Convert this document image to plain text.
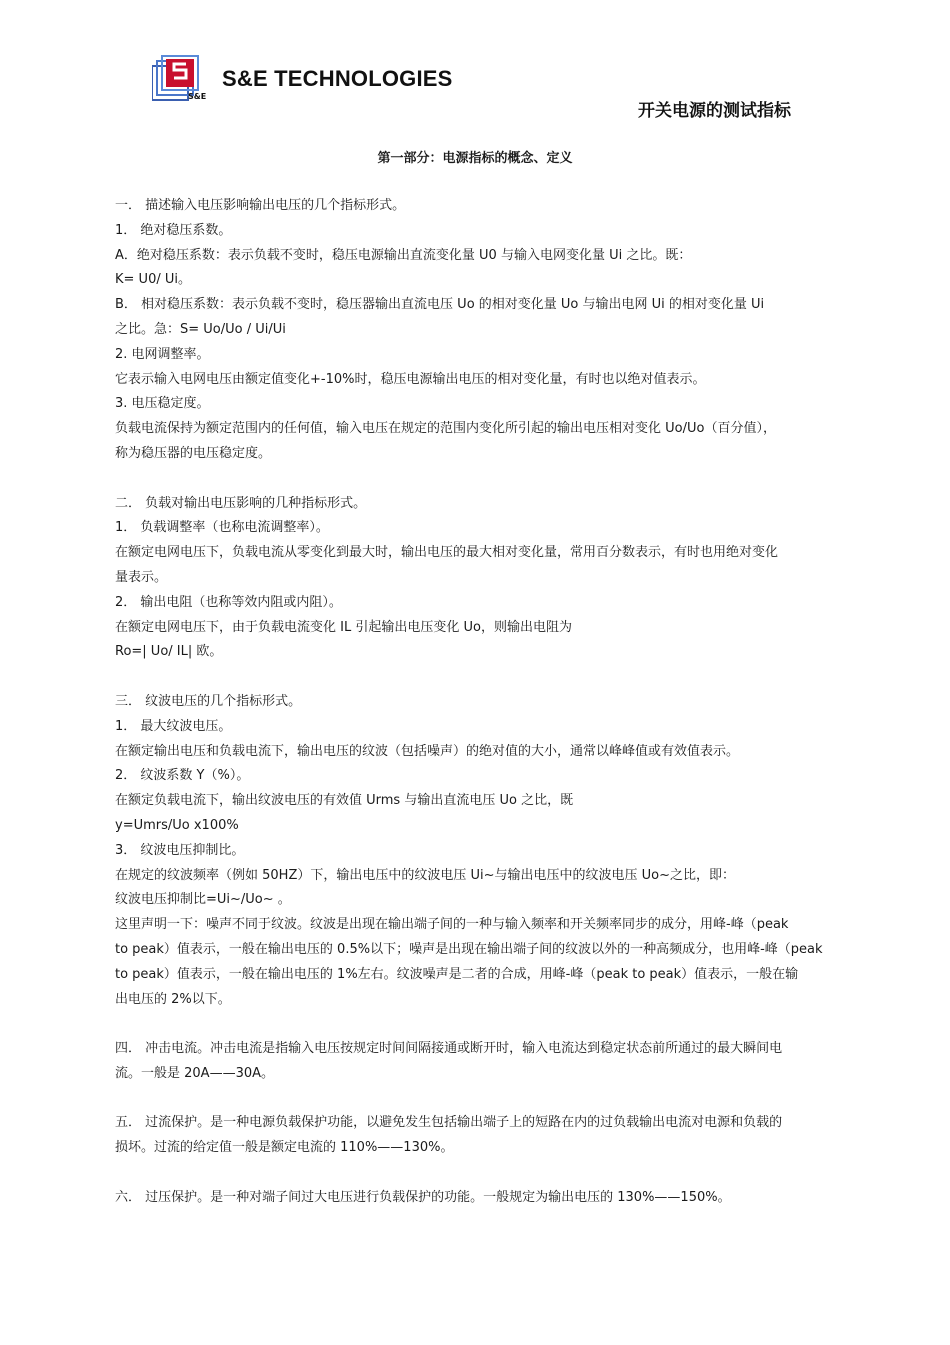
S&E
S&E TECHNOLOGIES
开关电源的测试指标
第一部分：电源指标的概念、定义

一． 描述输入电压影响输出电压的几个指标形式。

1． 绝对稳压系数。

A．绝对稳压系数：表示负载不变时，稳压电源输出直流变化量 U0 与输入电网变化量 Ui 之比。既：

K= U0/ Ui。

B． 相对稳压系数：表示负载不变时，稳压器输出直流电压 Uo 的相对变化量 Uo 与输出电网 Ui 的相对变化量 Ui

之比。急：S= Uo/Uo / Ui/Ui

2. 电网调整率。

它表示输入电网电压由额定值变化+-10%时，稳压电源输出电压的相对变化量，有时也以绝对值表示。

3. 电压稳定度。

负载电流保持为额定范围内的任何值，输入电压在规定的范围内变化所引起的输出电压相对变化 Uo/Uo（百分值），

称为稳压器的电压稳定度。

二． 负载对输出电压影响的几种指标形式。

1． 负载调整率（也称电流调整率）。

在额定电网电压下，负载电流从零变化到最大时，输出电压的最大相对变化量，常用百分数表示，有时也用绝对变化

量表示。

2． 输出电阻（也称等效内阻或内阻）。

在额定电网电压下，由于负载电流变化 IL 引起输出电压变化 Uo，则输出电阻为

Ro=| Uo/ IL| 欧。

三． 纹波电压的几个指标形式。

1． 最大纹波电压。

在额定输出电压和负载电流下，输出电压的纹波（包括噪声）的绝对值的大小，通常以峰峰值或有效值表示。

2． 纹波系数 Y（%）。

在额定负载电流下，输出纹波电压的有效值 Urms 与输出直流电压 Uo 之比，既

y=Umrs/Uo x100%

3． 纹波电压抑制比。

在规定的纹波频率（例如 50HZ）下，输出电压中的纹波电压 Ui~与输出电压中的纹波电压 Uo~之比，即：

纹波电压抑制比=Ui~/Uo~ 。

这里声明一下：噪声不同于纹波。纹波是出现在输出端子间的一种与输入频率和开关频率同步的成分，用峰-峰（peak

to peak）值表示，一般在输出电压的 0.5%以下；噪声是出现在输出端子间的纹波以外的一种高频成分，也用峰-峰（peak

to peak）值表示，一般在输出电压的 1%左右。纹波噪声是二者的合成，用峰-峰（peak to peak）值表示，一般在输

出电压的 2%以下。

四． 冲击电流。冲击电流是指输入电压按规定时间间隔接通或断开时，输入电流达到稳定状态前所通过的最大瞬间电

流。一般是 20A——30A。

五． 过流保护。是一种电源负载保护功能，以避免发生包括输出端子上的短路在内的过负载输出电流对电源和负载的

损坏。过流的给定值一般是额定电流的 110%——130%。

六． 过压保护。是一种对端子间过大电压进行负载保护的功能。一般规定为输出电压的 130%——150%。
